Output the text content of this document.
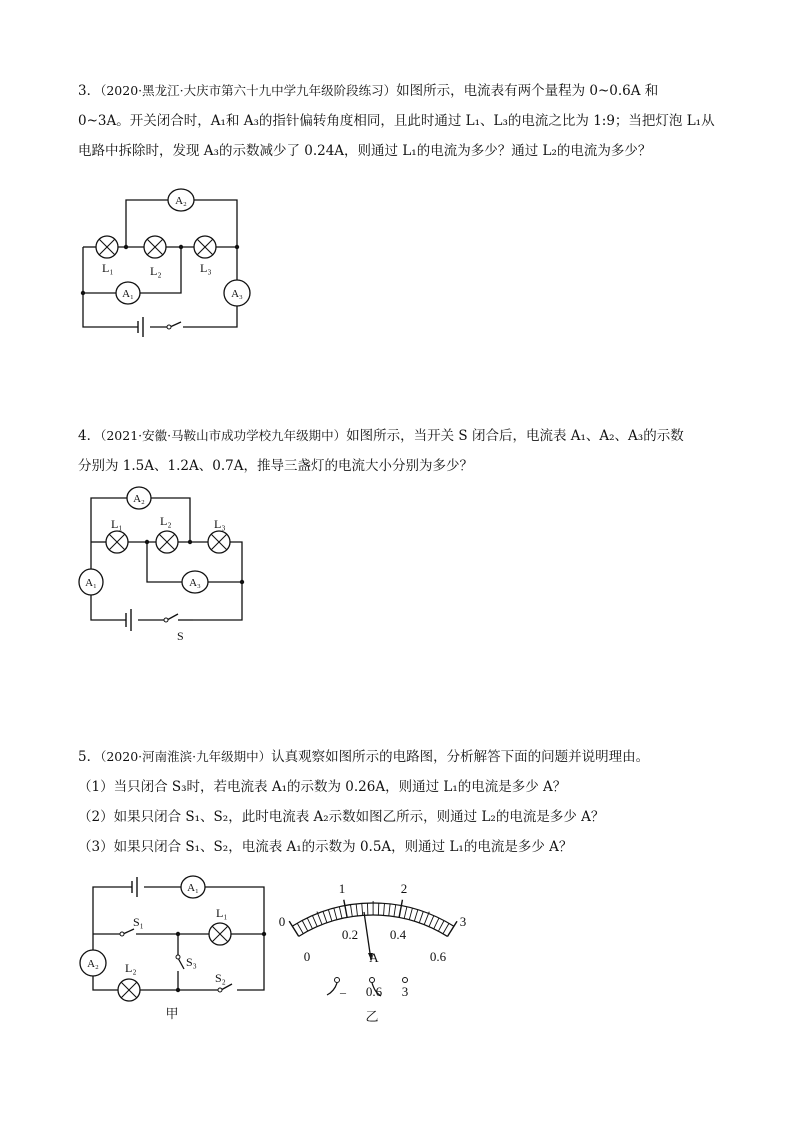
3．（2020·黑龙江·大庆市第六十九中学九年级阶段练习）如图所示，电流表有两个量程为 0~0.6A 和

0~3A。开关闭合时，A₁和 A₃的指针偏转角度相同，且此时通过 L₁、L₃的电流之比为 1:9；当把灯泡 L₁从

电路中拆除时，发现 A₃的示数减少了 0.24A，则通过 L₁的电流为多少？通过 L₂的电流为多少？

A₂
A₁	A₃
L₁	L₂	L₃

4．（2021·安徽·马鞍山市成功学校九年级期中）如图所示，当开关 S 闭合后，电流表 A₁、A₂、A₃的示数

分别为 1.5A、1.2A、0.7A，推导三盏灯的电流大小分别为多少？

A₂
A₁	A₃
L₁	L₂	L₃
S

5．（2020·河南淮滨·九年级期中）认真观察如图所示的电路图，分析解答下面的问题并说明理由。

（1）当只闭合 S₃时，若电流表 A₁的示数为 0.26A，则通过 L₁的电流是多少 A？

（2）如果只闭合 S₁、S₂，此时电流表 A₂示数如图乙所示，则通过 L₂的电流是多少 A？

（3）如果只闭合 S₁、S₂，电流表 A₁的示数为 0.5A，则通过 L₁的电流是多少 A？

A₁
A₂
S₁
L₁
L₂	S₃
S₂
甲
0
1	2
3
0
0.2 0.4
0.6
A
– 0.6 3
乙
